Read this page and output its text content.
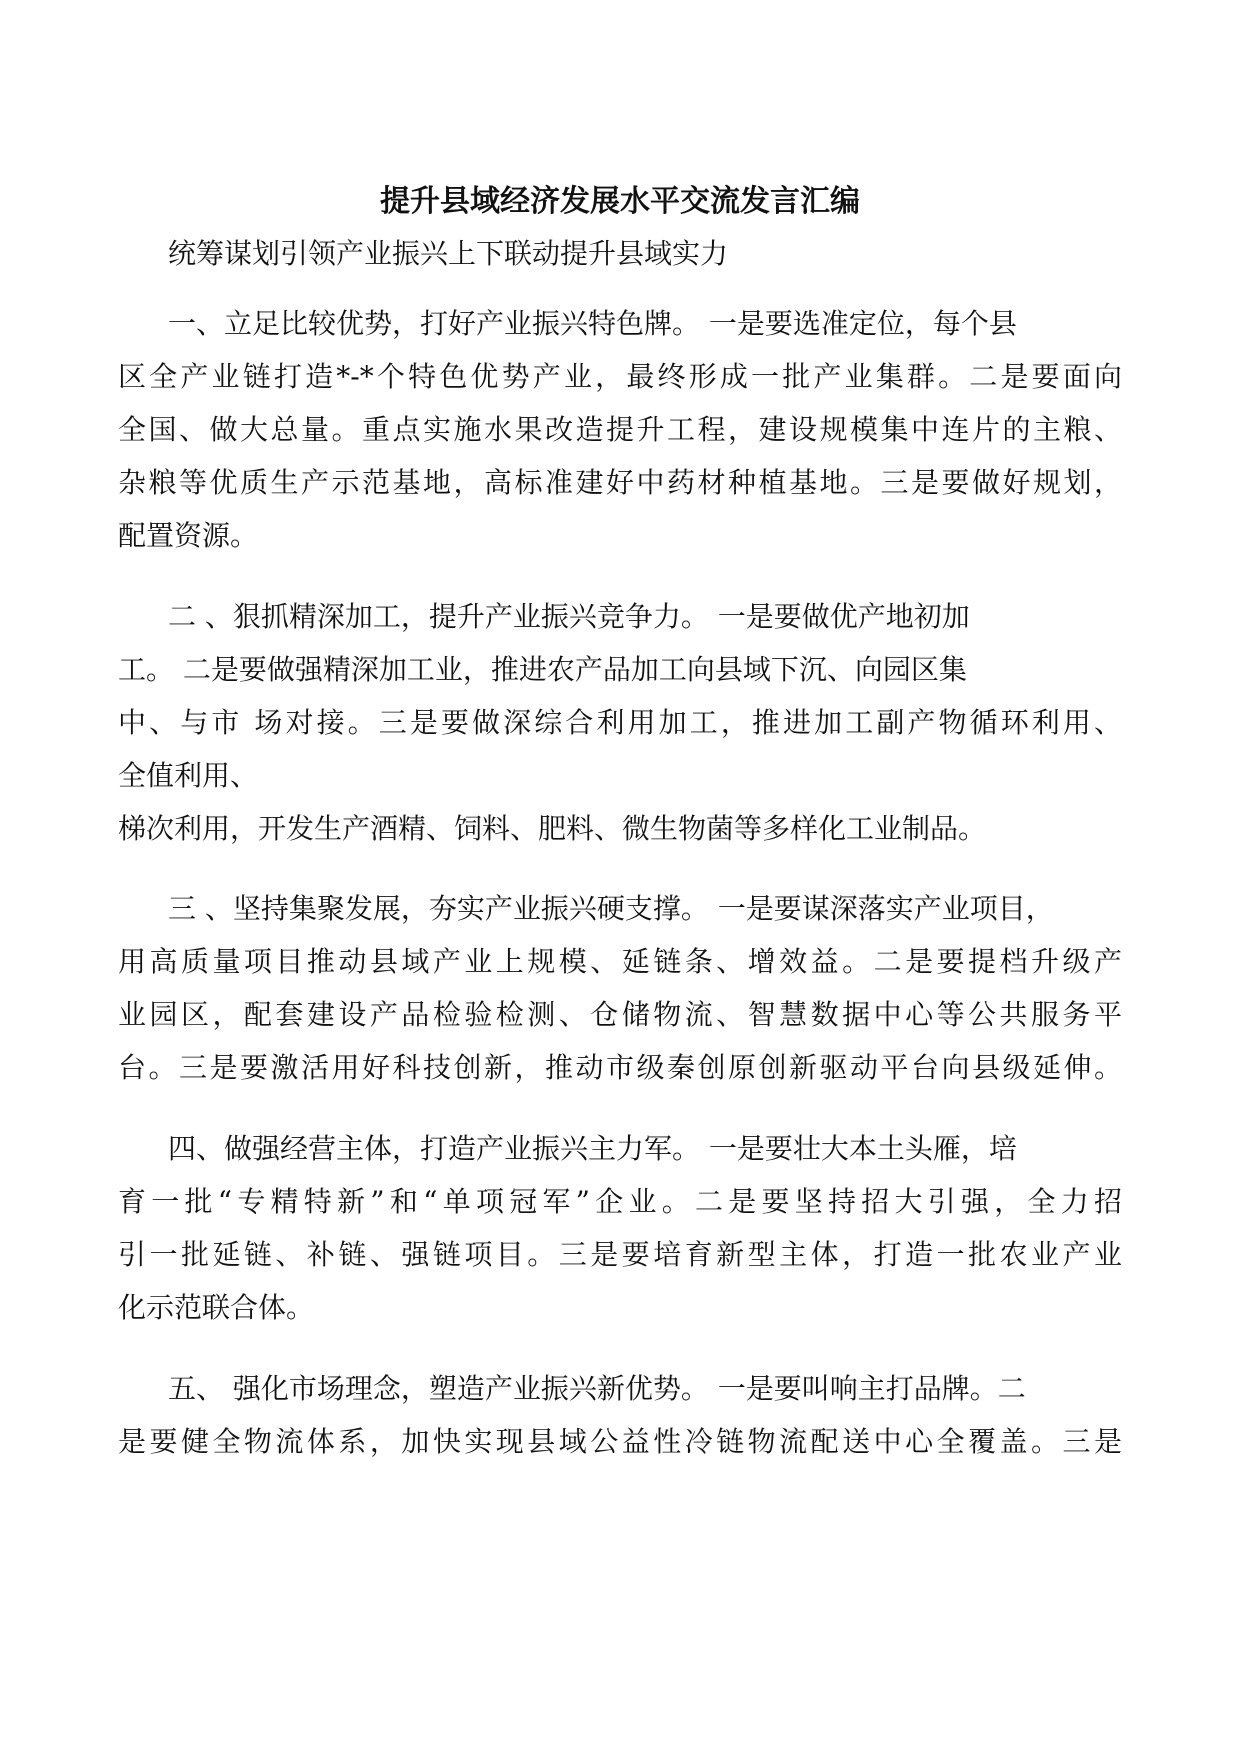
提升县域经济发展水平交流发言汇编
统筹谋划引领产业振兴上下联动提升县域实力
一、立足比较优势，打好产业振兴特色牌。 一是要选准定位，每个县
区全产业链打造*-*个特色优势产业，最终形成一批产业集群。二是要面向
全国、做大总量。重点实施水果改造提升工程，建设规模集中连片的主粮、
杂粮等优质生产示范基地，高标准建好中药材种植基地。三是要做好规划，
配置资源。
二 、狠抓精深加工，提升产业振兴竞争力。 一是要做优产地初加
工。 二是要做强精深加工业，推进农产品加工向县域下沉、向园区集
中、与市 场对接。三是要做深综合利用加工，推进加工副产物循环利用、
全值利用、
梯次利用，开发生产酒精、饲料、肥料、微生物菌等多样化工业制品。
三 、坚持集聚发展，夯实产业振兴硬支撑。 一是要谋深落实产业项目，
用高质量项目推动县域产业上规模、延链条、增效益。二是要提档升级产
业园区，配套建设产品检验检测、仓储物流、智慧数据中心等公共服务平
台。三是要激活用好科技创新，推动市级秦创原创新驱动平台向县级延伸。
四、做强经营主体，打造产业振兴主力军。 一是要壮大本土头雁，培
育一批“专精特新”和“单项冠军”企业。二是要坚持招大引强，全力招
引一批延链、补链、强链项目。三是要培育新型主体，打造一批农业产业
化示范联合体。
五、 强化市场理念，塑造产业振兴新优势。 一是要叫响主打品牌。二
是要健全物流体系，加快实现县域公益性冷链物流配送中心全覆盖。三是
